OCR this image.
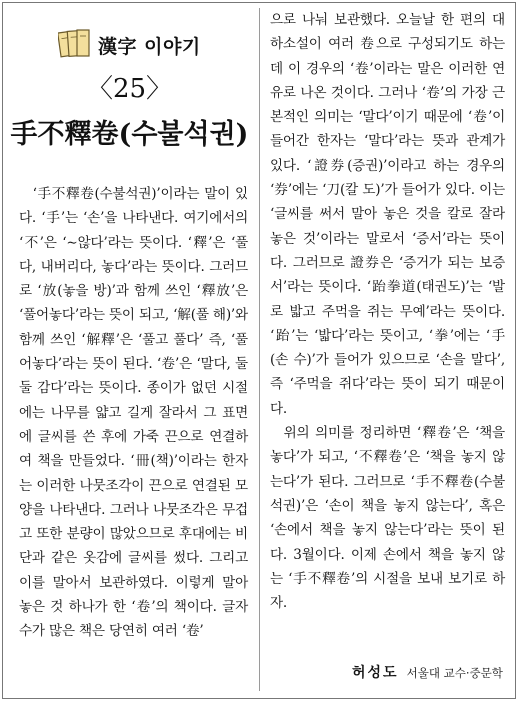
漢字 이야기
〈25〉
手不釋卷(수불석권)

‘手不釋卷(수불석권)’이라는 말이 있다. ‘手’는 ‘손’을 나타낸다. 여기에서의 ‘不’은 ‘∼않다’라는 뜻이다. ‘釋’은 ‘풀다, 내버리다, 놓다’라는 뜻이다. 그러므로 ‘放(놓을 방)’과 함께 쓰인 ‘釋放’은 ‘풀어놓다’라는 뜻이 되고, ‘解(풀 해)’와 함께 쓰인 ‘解釋’은 ‘풀고 풀다’ 즉, ‘풀어놓다’라는 뜻이 된다. ‘卷’은 ‘말다, 둘둘 감다’라는 뜻이다. 종이가 없던 시절에는 나무를 얇고 길게 잘라서 그 표면에 글씨를 쓴 후에 가죽 끈으로 연결하여 책을 만들었다. ‘冊(책)’이라는 한자는 이러한 나뭇조각이 끈으로 연결된 모양을 나타낸다. 그러나 나뭇조각은 무겁고 또한 분량이 많았으므로 후대에는 비단과 같은 옷감에 글씨를 썼다. 그리고 이를 말아서 보관하였다. 이렇게 말아 놓은 것 하나가 한 ‘卷’의 책이다. 글자 수가 많은 책은 당연히 여러 ‘卷’

으로 나눠 보관했다. 오늘날 한 편의 대하소설이 여러 卷으로 구성되기도 하는데 이 경우의 ‘卷’이라는 말은 이러한 연유로 나온 것이다. 그러나 ‘卷’의 가장 근본적인 의미는 ‘말다’이기 때문에 ‘卷’이 들어간 한자는 ‘말다’라는 뜻과 관계가 있다. ‘證券(증권)’이라고 하는 경우의 ‘券’에는 ‘刀(칼 도)’가 들어가 있다. 이는 ‘글씨를 써서 말아 놓은 것을 칼로 잘라 놓은 것’이라는 말로서 ‘증서’라는 뜻이다. 그러므로 證券은 ‘증거가 되는 보증서’라는 뜻이다. ‘跆拳道(태권도)’는 ‘발로 밟고 주먹을 쥐는 무예’라는 뜻이다. ‘跆’는 ‘밟다’라는 뜻이고, ‘拳’에는 ‘手(손 수)’가 들어가 있으므로 ‘손을 말다’, 즉 ‘주먹을 쥐다’라는 뜻이 되기 때문이다.

위의 의미를 정리하면 ‘釋卷’은 ‘책을 놓다’가 되고, ‘不釋卷’은 ‘책을 놓지 않는다’가 된다. 그러므로 ‘手不釋卷(수불석권)’은 ‘손이 책을 놓지 않는다’, 혹은 ‘손에서 책을 놓지 않는다’라는 뜻이 된다. 3월이다. 이제 손에서 책을 놓지 않는 ‘手不釋卷’의 시절을 보내 보기로 하자.

허성도 서울대 교수·중문학
